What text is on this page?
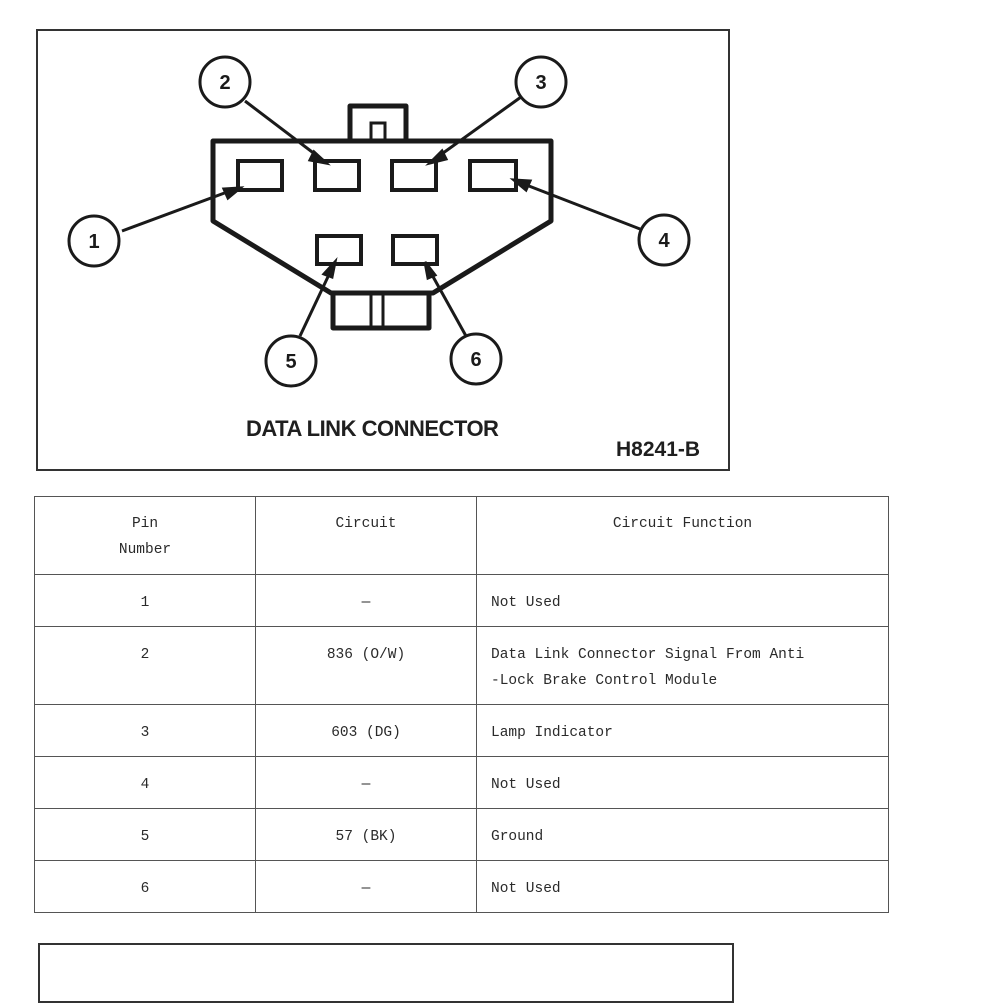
2	3
1	4
5	6
DATA LINK CONNECTOR
H8241-B
Pin
Number	Circuit	Circuit Function
1	—	Not Used
2	836 (O/W)	Data Link Connector Signal From Anti
-Lock Brake Control Module
3	603 (DG)	Lamp Indicator
4	—	Not Used
5	57 (BK)	Ground
6	—	Not Used
